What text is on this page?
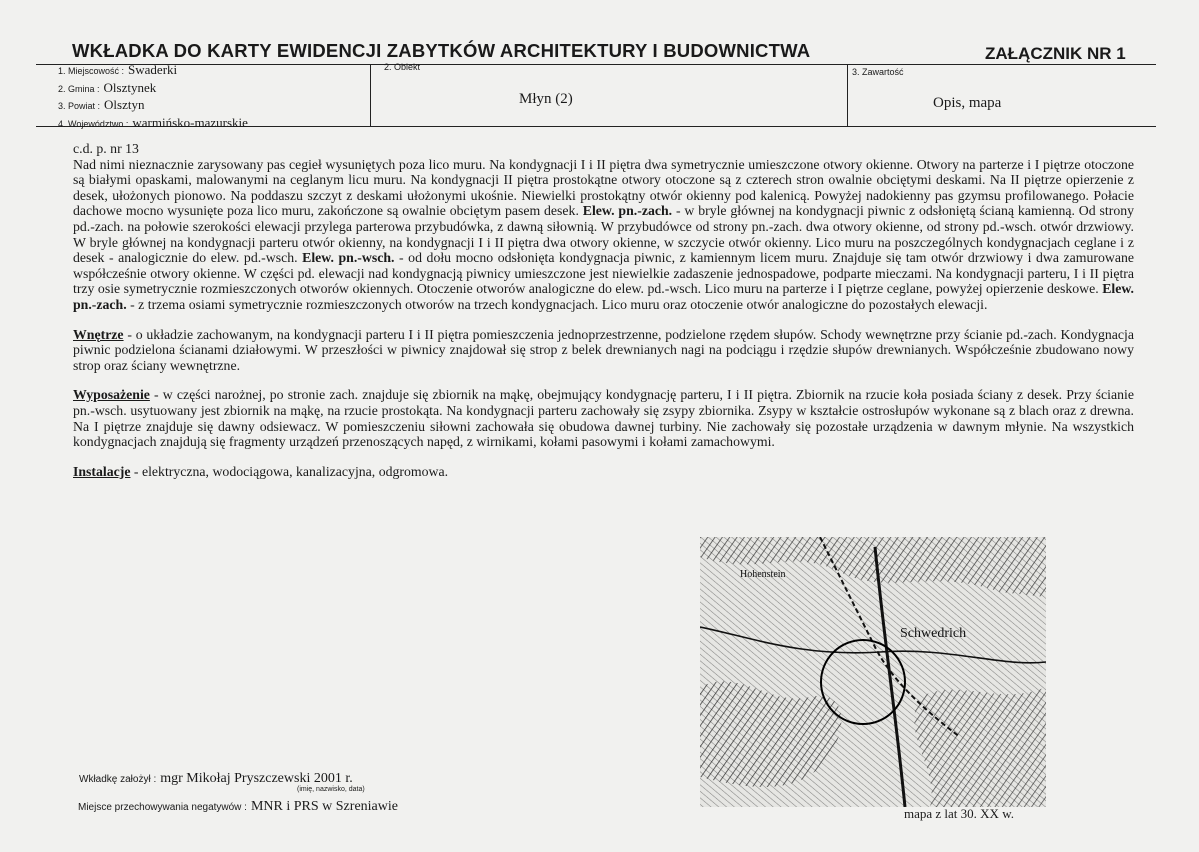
WKŁADKA DO KARTY EWIDENCJI ZABYTKÓW ARCHITEKTURY I BUDOWNICTWA	ZAŁĄCZNIK NR 1
1. Miejscowość : Swaderki
2. Gmina : Olsztynek
3. Powiat : Olsztyn
4. Województwo : warmińsko-mazurskie
2. Obiekt
Młyn (2)
3. Zawartość
Opis, mapa

c.d. p. nr 13

Nad nimi nieznacznie zarysowany pas cegieł wysuniętych poza lico muru. Na kondygnacji I i II piętra dwa symetrycznie umieszczone otwory okienne. Otwory na parterze i I piętrze otoczone są białymi opaskami, malowanymi na ceglanym licu muru. Na kondygnacji II piętra prostokątne otwory otoczone są z czterech stron owalnie obciętymi deskami. Na II piętrze opierzenie z desek, ułożonych pionowo. Na poddaszu szczyt z deskami ułożonymi ukośnie. Niewielki prostokątny otwór okienny pod kalenicą. Powyżej nadokienny pas gzymsu profilowanego. Połacie dachowe mocno wysunięte poza lico muru, zakończone są owalnie obciętym pasem desek. Elew. pn.-zach. - w bryle głównej na kondygnacji piwnic z odsłoniętą ścianą kamienną. Od strony pd.-zach. na połowie szerokości elewacji przylega parterowa przybudówka, z dawną siłownią. W przybudówce od strony pn.-zach. dwa otwory okienne, od strony pd.-wsch. otwór drzwiowy. W bryle głównej na kondygnacji parteru otwór okienny, na kondygnacji I i II piętra dwa otwory okienne, w szczycie otwór okienny. Lico muru na poszczególnych kondygnacjach ceglane i z desek - analogicznie do elew. pd.-wsch. Elew. pn.-wsch. - od dołu mocno odsłonięta kondygnacja piwnic, z kamiennym licem muru. Znajduje się tam otwór drzwiowy i dwa zamurowane współcześnie otwory okienne. W części pd. elewacji nad kondygnacją piwnicy umieszczone jest niewielkie zadaszenie jednospadowe, podparte mieczami. Na kondygnacji parteru, I i II piętra trzy osie symetrycznie rozmieszczonych otworów okiennych. Otoczenie otworów analogiczne do elew. pd.-wsch. Lico muru na parterze i I piętrze ceglane, powyżej opierzenie deskowe. Elew. pn.-zach. - z trzema osiami symetrycznie rozmieszczonych otworów na trzech kondygnacjach. Lico muru oraz otoczenie otwór analogiczne do pozostałych elewacji.

Wnętrze - o układzie zachowanym, na kondygnacji parteru I i II piętra pomieszczenia jednoprzestrzenne, podzielone rzędem słupów. Schody wewnętrzne przy ścianie pd.-zach. Kondygnacja piwnic podzielona ścianami działowymi. W przeszłości w piwnicy znajdował się strop z belek drewnianych nagi na podciągu i rzędzie słupów drewnianych. Współcześnie zbudowano nowy strop oraz ściany wewnętrzne.

Wyposażenie - w części narożnej, po stronie zach. znajduje się zbiornik na mąkę, obejmujący kondygnację parteru, I i II piętra. Zbiornik na rzucie koła posiada ściany z desek. Przy ścianie pn.-wsch. usytuowany jest zbiornik na mąkę, na rzucie prostokąta. Na kondygnacji parteru zachowały się zsypy zbiornika. Zsypy w kształcie ostrosłupów wykonane są z blach oraz z drewna. Na I piętrze znajduje się dawny odsiewacz. W pomieszczeniu siłowni zachowała się obudowa dawnej turbiny. Nie zachowały się pozostałe urządzenia w dawnym młynie. Na wszystkich kondygnacjach znajdują się fragmenty urządzeń przenoszących napęd, z wirnikami, kołami pasowymi i kołami zamachowymi.

Instalacje - elektryczna, wodociągowa, kanalizacyjna, odgromowa.

Schwedrich
Hohenstein
mapa z lat 30. XX w.
Wkładkę założył : mgr Mikołaj Pryszczewski 2001 r.
(imię, nazwisko, data)
Miejsce przechowywania negatywów : MNR i PRS w Szreniawie
